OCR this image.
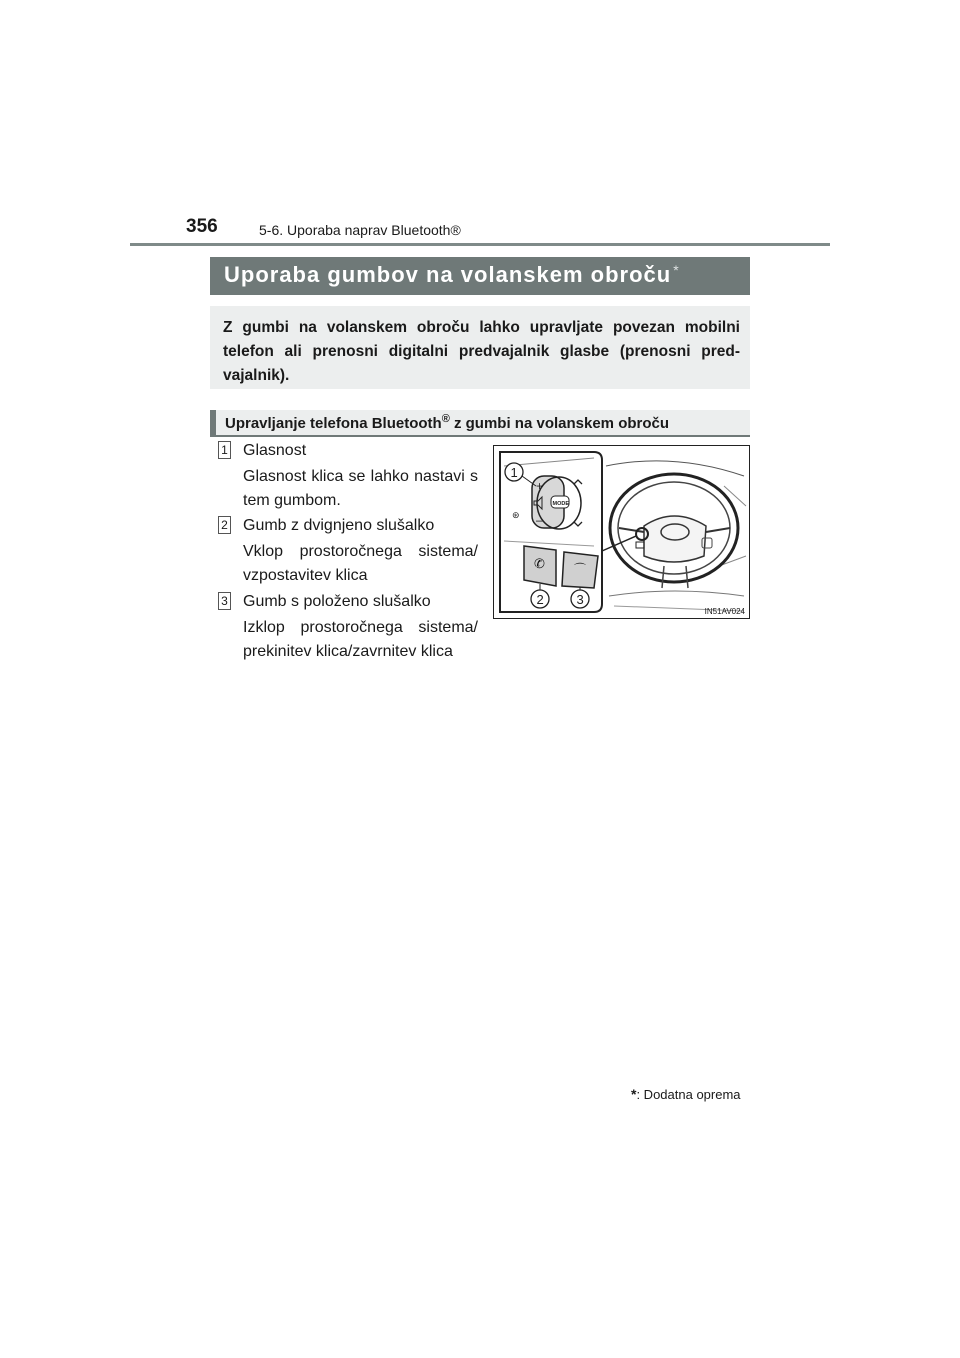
356	5-6. Uporaba naprav Bluetooth®
Uporaba gumbov na volanskem obroču *
Z gumbi na volanskem obroču lahko upravljate povezan mobilni telefon ali prenosni digitalni predvajalnik glasbe (prenosni pred-vajalnik).
Upravljanje telefona Bluetooth® z gumbi na volanskem obroču
1 Glasnost
Glasnost klica se lahko nastavi s tem gumbom.
2 Gumb z dvignjeno slušalko
Vklop prostoročnega sistema/ vzpostavitev klica
3 Gumb s položeno slušalko
Izklop prostoročnega sistema/ prekinitev klica/zavrnitev klica
+
–
MODE
⊛
✆ ⌒
1
2	3
IN51AV024
*: Dodatna oprema
